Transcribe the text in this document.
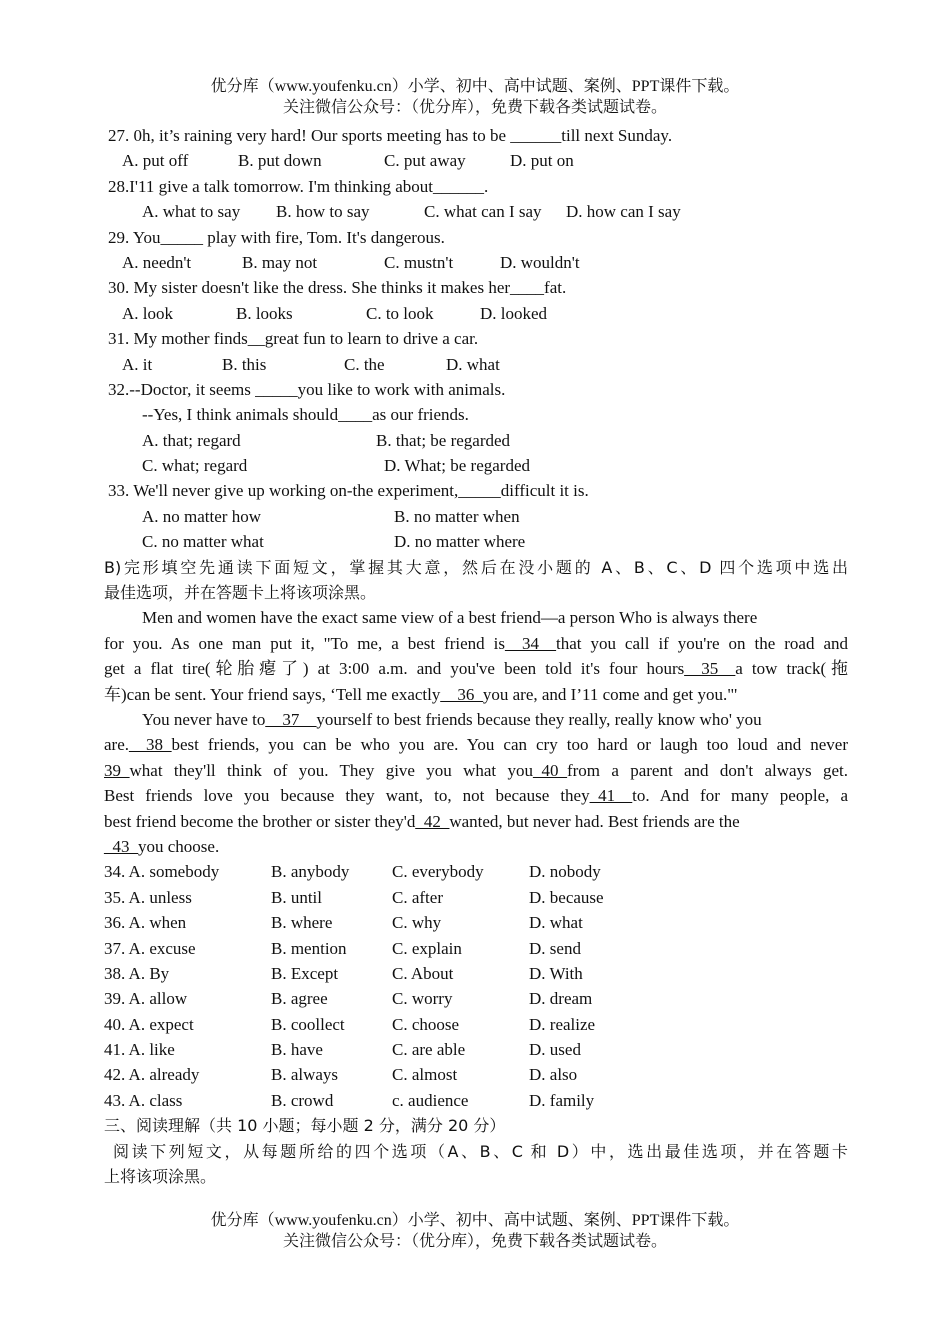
优分库（www.youfenku.cn）小学、初中、高中试题、案例、PPT课件下载。
关注微信公众号：（优分库），免费下载各类试题试卷。
27. 0h, it’s raining very hard! Our sports meeting has to be ______till next Sunday.
A. put off	B. put down	C. put away	D. put on
28.I'11 give a talk tomorrow. I'm thinking about______.
A. what to say B. how to say	C. what can I say D. how can I say
29. You_____ play with fire, Tom. It's dangerous.
A. needn't	B. may not	C. mustn't	D. wouldn't
30. My sister doesn't like the dress. She thinks it makes her____fat.
A. look	B. looks	C. to look	D. looked
31. My mother finds__great fun to learn to drive a car.
A. it	B. this	C. the	D. what
32.--Doctor, it seems _____you like to work with animals.
--Yes, I think animals should____as our friends.
A. that; regard	B. that; be regarded
C. what; regard	D. What; be regarded
33. We'll never give up working on-the experiment,_____difficult it is.
A. no matter how	B. no matter when
C. no matter what	D. no matter where
B)完形填空先通读下面短文，掌握其大意，然后在没小题的 A、B、C、D 四个选项中选出
最佳选项，并在答题卡上将该项涂黑。
Men and women have the exact same view of a best friend—a person Who is always there
for you. As one man put it, "To me, a best friend is__34__that you call if you're on the road and
get a flat tire(轮胎瘪了) at 3:00 a.m. and you've been told it's four hours__35__a tow track(拖
车)can be sent. Your friend says, ‘Tell me exactly__36_you are, and I’11 come and get you."'
You never have to__37__yourself to best friends because they really, really know who' you
are.__38_best friends, you can be who you are. You can cry too hard or laugh too loud and never
39_what they'll think of you. They give you what you_40_from a parent and don't always get.
Best friends love you because they want, to, not because they_41__to. And for many people, a
best friend become the brother or sister they'd_42_wanted, but never had. Best friends are the
_43_you choose.
34. A. somebody	B. anybody	C. everybody	D. nobody
35. A. unless	B. until	C. after	D. because
36. A. when	B. where	C. why	D. what
37. A. excuse	B. mention	C. explain	D. send
38. A. By	B. Except	C. About	D. With
39. A. allow	B. agree	C. worry	D. dream
40. A. expect	B. coollect	C. choose	D. realize
41. A. like	B. have	C. are able	D. used
42. A. already	B. always	C. almost	D. also
43. A. class	B. crowd	c. audience	D. family
三、阅读理解（共 10 小题；每小题 2 分，满分 20 分）
阅读下列短文，从每题所给的四个选项（A、B、C 和 D）中，选出最佳选项，并在答题卡
上将该项涂黑。
优分库（www.youfenku.cn）小学、初中、高中试题、案例、PPT课件下载。
关注微信公众号：（优分库），免费下载各类试题试卷。
